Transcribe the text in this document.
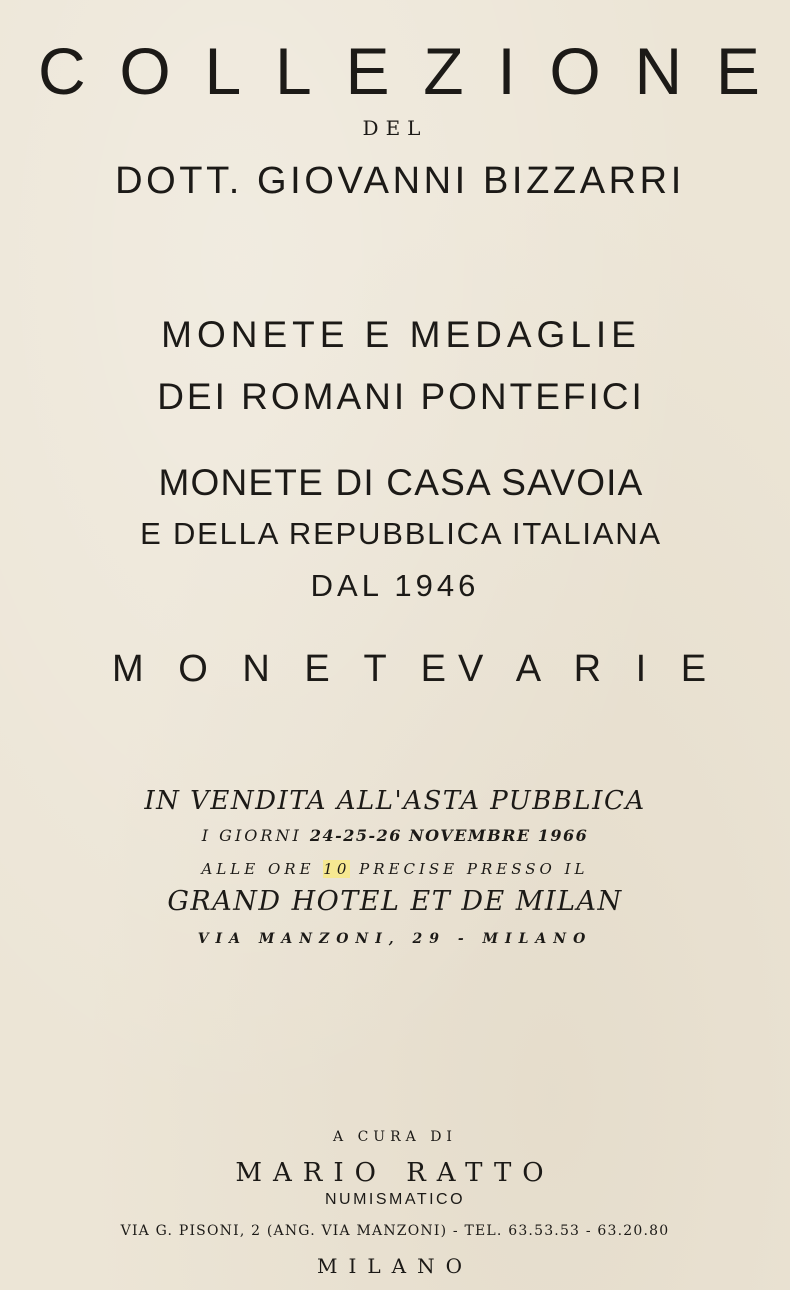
C O L L E Z I O N E
DEL
DOTT. GIOVANNI BIZZARRI
MONETE E MEDAGLIE
DEI ROMANI PONTEFICI
MONETE DI CASA SAVOIA
E DELLA REPUBBLICA ITALIANA
DAL 1946
M O N E T E V A R I E
IN VENDITA ALL'ASTA PUBBLICA
I GIORNI 24-25-26 NOVEMBRE 1966
ALLE ORE 10 PRECISE PRESSO IL
GRAND HOTEL ET DE MILAN
VIA MANZONI, 29 - MILANO
A CURA DI
MARIO RATTO
NUMISMATICO
VIA G. PISONI, 2 (ANG. VIA MANZONI) - TEL. 63.53.53 - 63.20.80
MILANO
